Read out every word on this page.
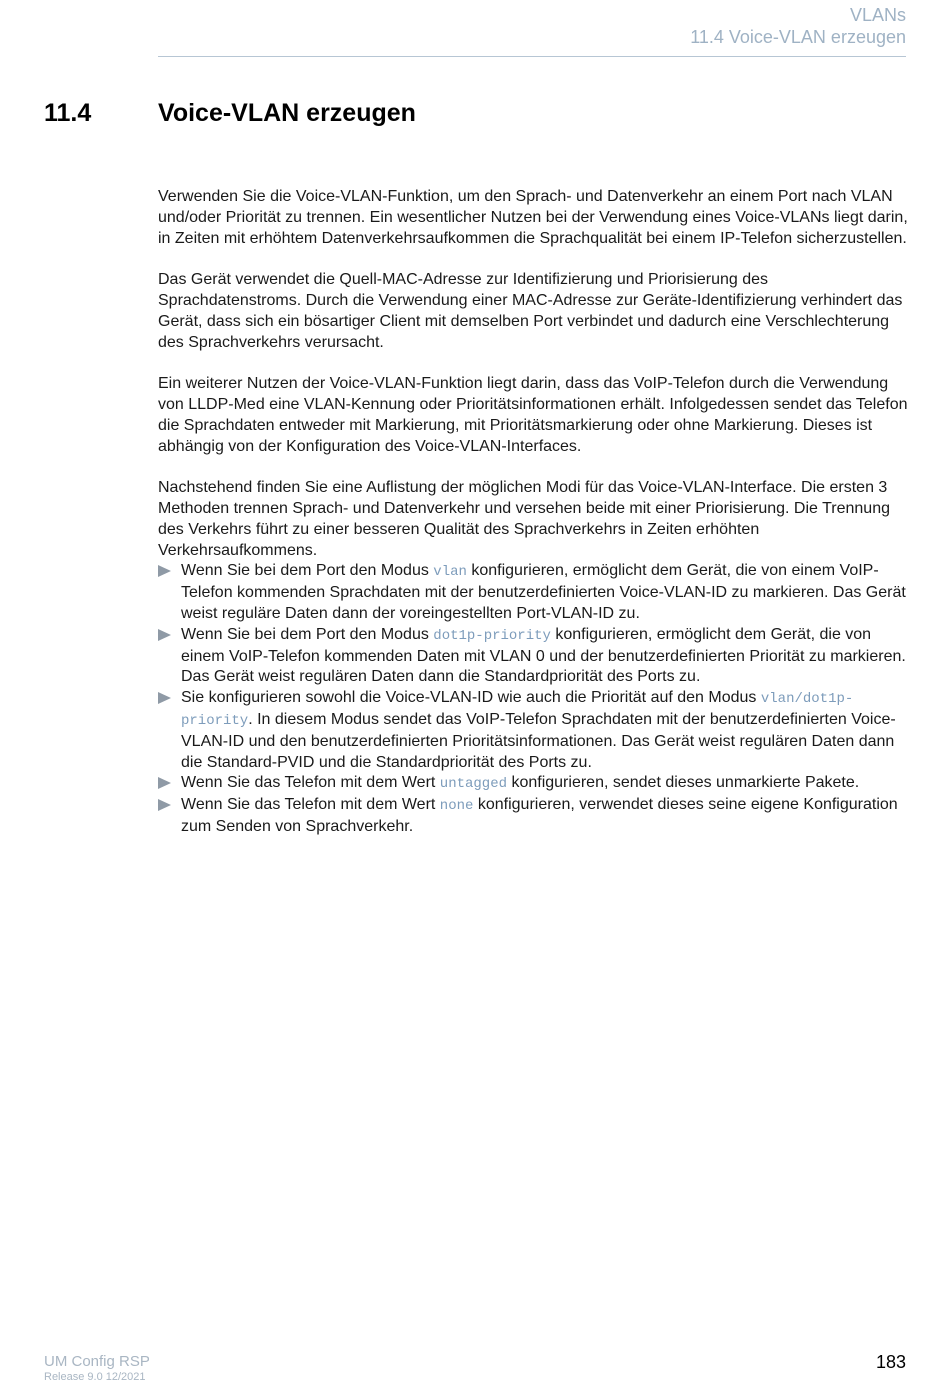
VLANs
11.4 Voice-VLAN erzeugen
11.4	Voice-VLAN erzeugen

Verwenden Sie die Voice-VLAN-Funktion, um den Sprach- und Datenverkehr an einem Port nach VLAN und/oder Priorität zu trennen. Ein wesentlicher Nutzen bei der Verwendung eines Voice-VLANs liegt darin, in Zeiten mit erhöhtem Datenverkehrsaufkommen die Sprachqualität bei einem IP-Telefon sicherzustellen.

Das Gerät verwendet die Quell-MAC-Adresse zur Identifizierung und Priorisierung des Sprachdatenstroms. Durch die Verwendung einer MAC-Adresse zur Geräte-Identifizierung verhindert das Gerät, dass sich ein bösartiger Client mit demselben Port verbindet und dadurch eine Verschlechterung des Sprachverkehrs verursacht.

Ein weiterer Nutzen der Voice-VLAN-Funktion liegt darin, dass das VoIP-Telefon durch die Verwendung von LLDP-Med eine VLAN-Kennung oder Prioritätsinformationen erhält. Infolgedessen sendet das Telefon die Sprachdaten entweder mit Markierung, mit Prioritätsmarkierung oder ohne Markierung. Dieses ist abhängig von der Konfiguration des Voice-VLAN-Interfaces.

Nachstehend finden Sie eine Auflistung der möglichen Modi für das Voice-VLAN-Interface. Die ersten 3 Methoden trennen Sprach- und Datenverkehr und versehen beide mit einer Priorisierung. Die Trennung des Verkehrs führt zu einer besseren Qualität des Sprachverkehrs in Zeiten erhöhten Verkehrsaufkommens.

Wenn Sie bei dem Port den Modus vlan konfigurieren, ermöglicht dem Gerät, die von einem VoIP-Telefon kommenden Sprachdaten mit der benutzerdefinierten Voice-VLAN-ID zu markieren. Das Gerät weist reguläre Daten dann der voreingestellten Port-VLAN-ID zu.
Wenn Sie bei dem Port den Modus dot1p-priority konfigurieren, ermöglicht dem Gerät, die von einem VoIP-Telefon kommenden Daten mit VLAN 0 und der benutzerdefinierten Priorität zu markieren. Das Gerät weist regulären Daten dann die Standardpriorität des Ports zu.
Sie konfigurieren sowohl die Voice-VLAN-ID wie auch die Priorität auf den Modus vlan/dot1p-priority. In diesem Modus sendet das VoIP-Telefon Sprachdaten mit der benutzerdefinierten Voice-VLAN-ID und den benutzerdefinierten Prioritätsinformationen. Das Gerät weist regulären Daten dann die Standard-PVID und die Standardpriorität des Ports zu.
Wenn Sie das Telefon mit dem Wert untagged konfigurieren, sendet dieses unmarkierte Pakete.
Wenn Sie das Telefon mit dem Wert none konfigurieren, verwendet dieses seine eigene Konfiguration zum Senden von Sprachverkehr.
UM Config RSP
Release 9.0 12/2021
183
